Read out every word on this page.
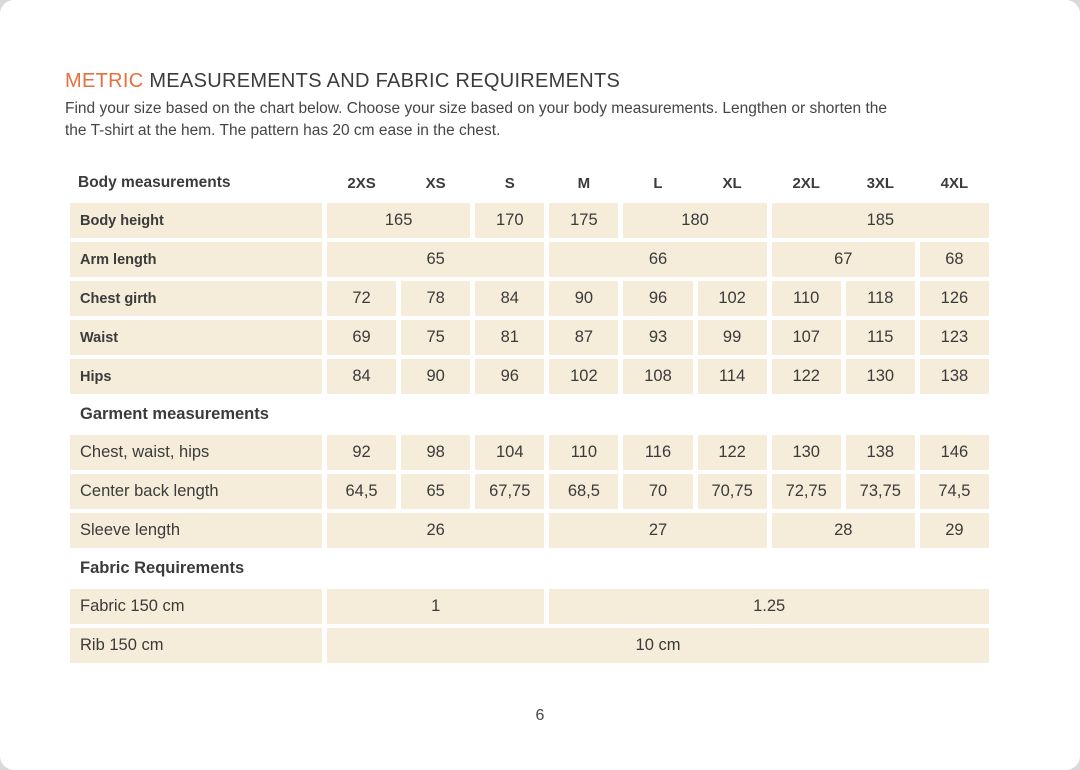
METRIC MEASUREMENTS AND FABRIC REQUIREMENTS

Find your size based on the chart below. Choose your size based on your body measurements. Lengthen or shorten the

the T-shirt at the hem. The pattern has 20 cm ease in the chest.

Body measurements	2XS	XS	S	M	L	XL	2XL	3XL	4XL
Body height	165	170	175	180	185
Arm length	65	66	67	68
Chest girth	72	78	84	90	96	102	110	118	126
Waist	69	75	81	87	93	99	107	115	123
Hips	84	90	96	102	108	114	122	130	138
Garment measurements
Chest, waist, hips	92	98	104	110	116	122	130	138	146
Center back length	64,5	65	67,75	68,5	70	70,75	72,75	73,75	74,5
Sleeve length	26	27	28	29
Fabric Requirements
Fabric 150 cm	1	1.25
Rib 150 cm	10 cm
6
